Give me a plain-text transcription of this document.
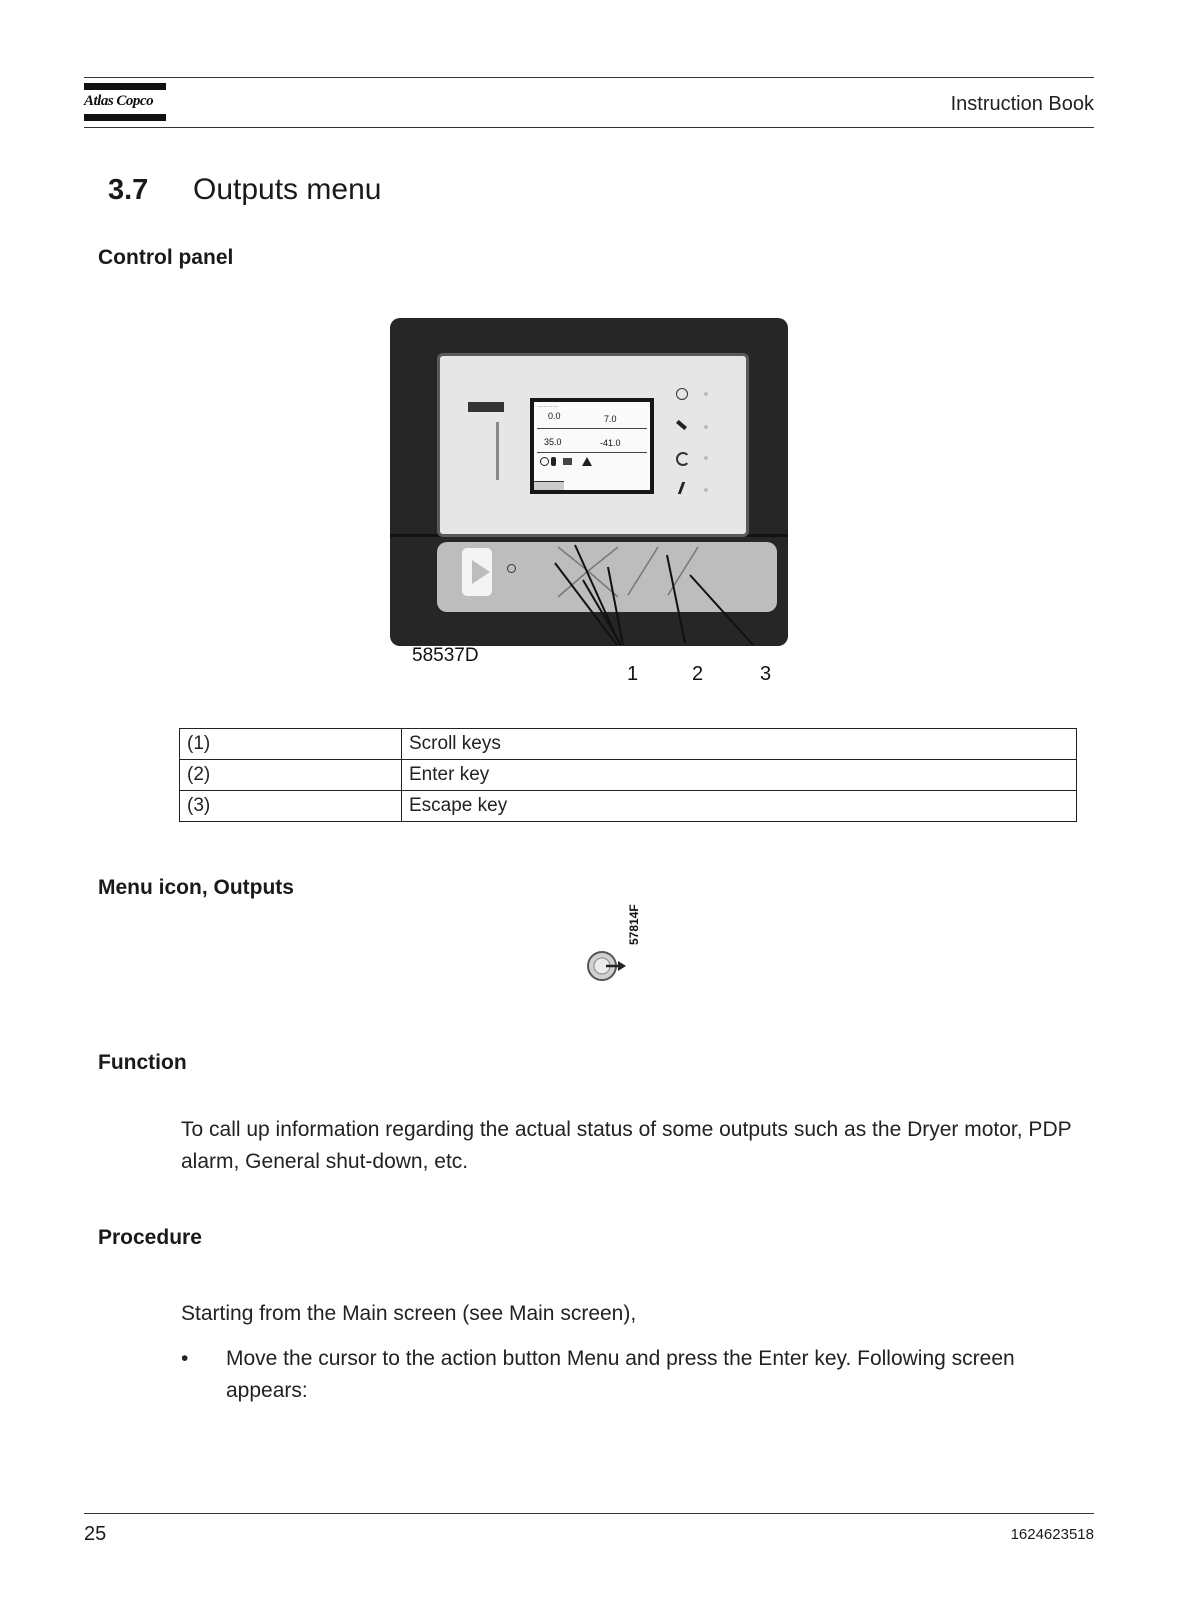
Atlas Copco	Instruction Book
3.7 Outputs menu
Control panel
— — — —
0.0	7.0
35.0	-41.0
58537D
1	2	3
(1)	Scroll keys
(2)	Enter key
(3)	Escape key
Menu icon, Outputs
57814F
Function
To call up information regarding the actual status of some outputs such as the Dryer motor, PDP alarm, General shut-down, etc.
Procedure
Starting from the Main screen (see Main screen),
•	Move the cursor to the action button Menu and press the Enter key. Following screen appears:
25	1624623518
